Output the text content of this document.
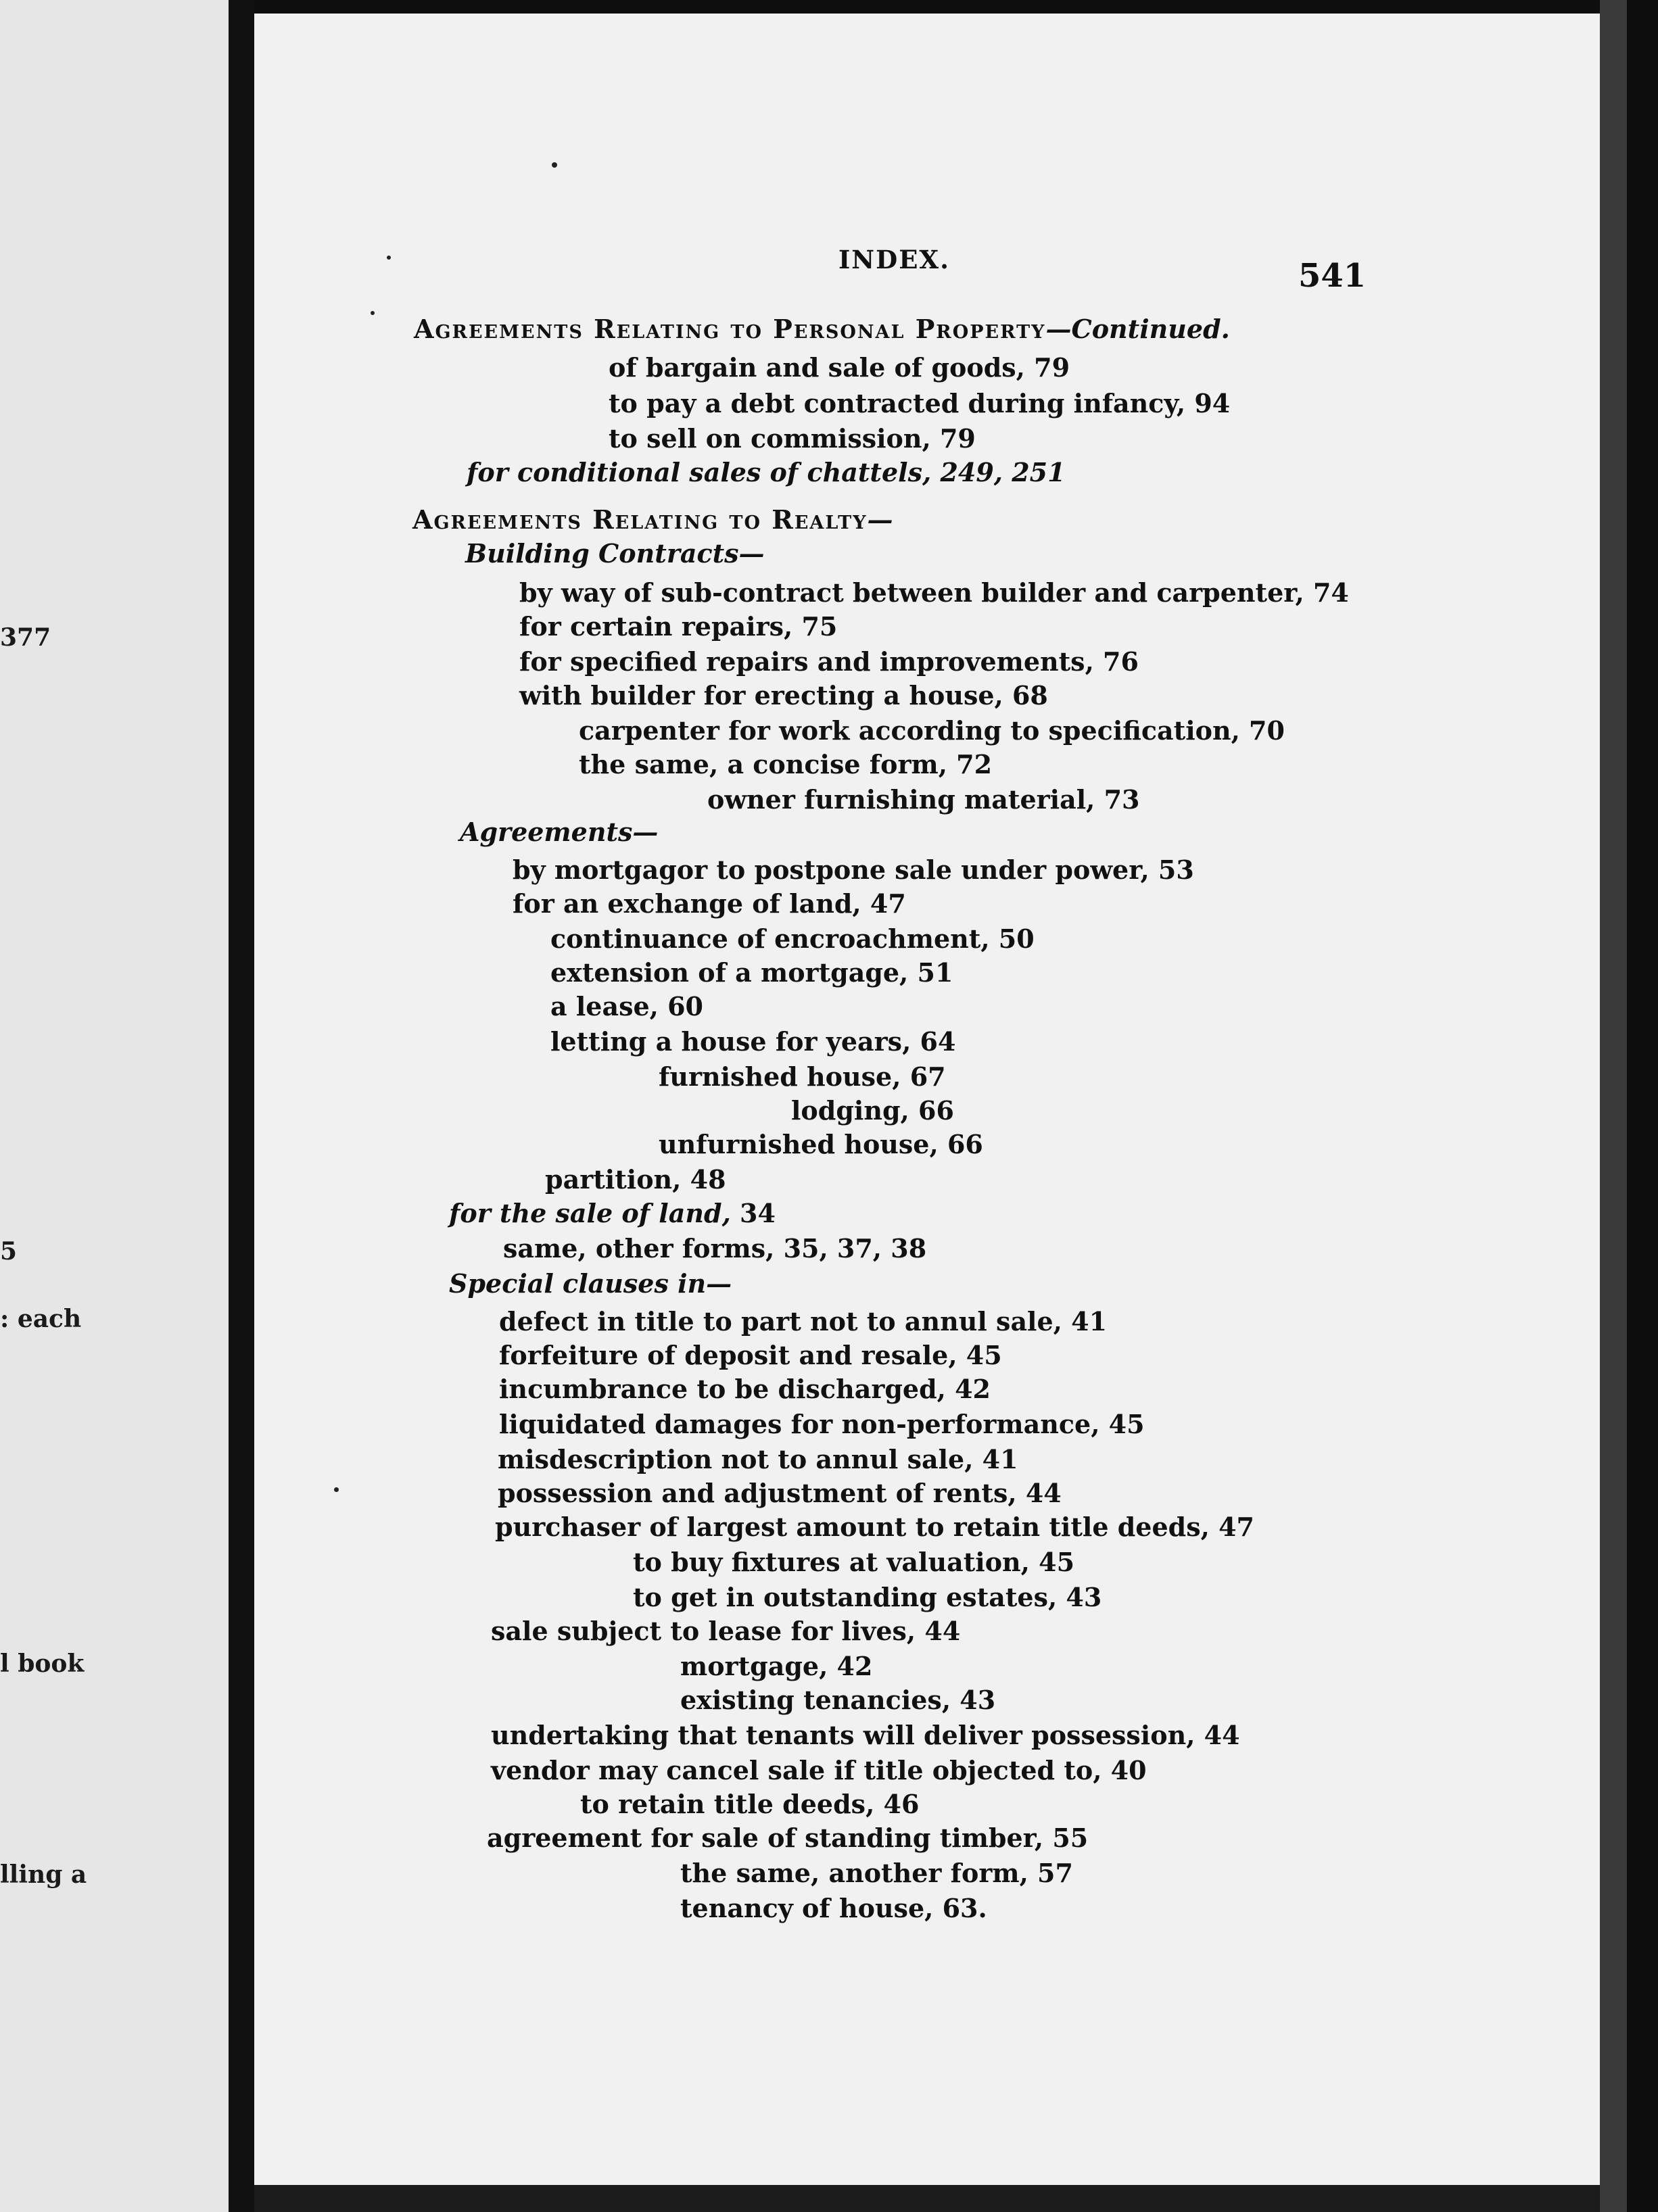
377
5
: each
l book
lling a
INDEX.	541
Agreements Relating to Personal Property—Continued.
of bargain and sale of goods, 79
to pay a debt contracted during infancy, 94
to sell on commission, 79
for conditional sales of chattels, 249, 251
Agreements Relating to Realty—
Building Contracts—
by way of sub-contract between builder and carpenter, 74
for certain repairs, 75
for specified repairs and improvements, 76
with builder for erecting a house, 68
carpenter for work according to specification, 70
the same, a concise form, 72
owner furnishing material, 73
Agreements—
by mortgagor to postpone sale under power, 53
for an exchange of land, 47
continuance of encroachment, 50
extension of a mortgage, 51
a lease, 60
letting a house for years, 64
furnished house, 67
lodging, 66
unfurnished house, 66
partition, 48
for the sale of land, 34
same, other forms, 35, 37, 38
Special clauses in—
defect in title to part not to annul sale, 41
forfeiture of deposit and resale, 45
incumbrance to be discharged, 42
liquidated damages for non-performance, 45
misdescription not to annul sale, 41
possession and adjustment of rents, 44
purchaser of largest amount to retain title deeds, 47
to buy fixtures at valuation, 45
to get in outstanding estates, 43
sale subject to lease for lives, 44
mortgage, 42
existing tenancies, 43
undertaking that tenants will deliver possession, 44
vendor may cancel sale if title objected to, 40
to retain title deeds, 46
agreement for sale of standing timber, 55
the same, another form, 57
tenancy of house, 63.
